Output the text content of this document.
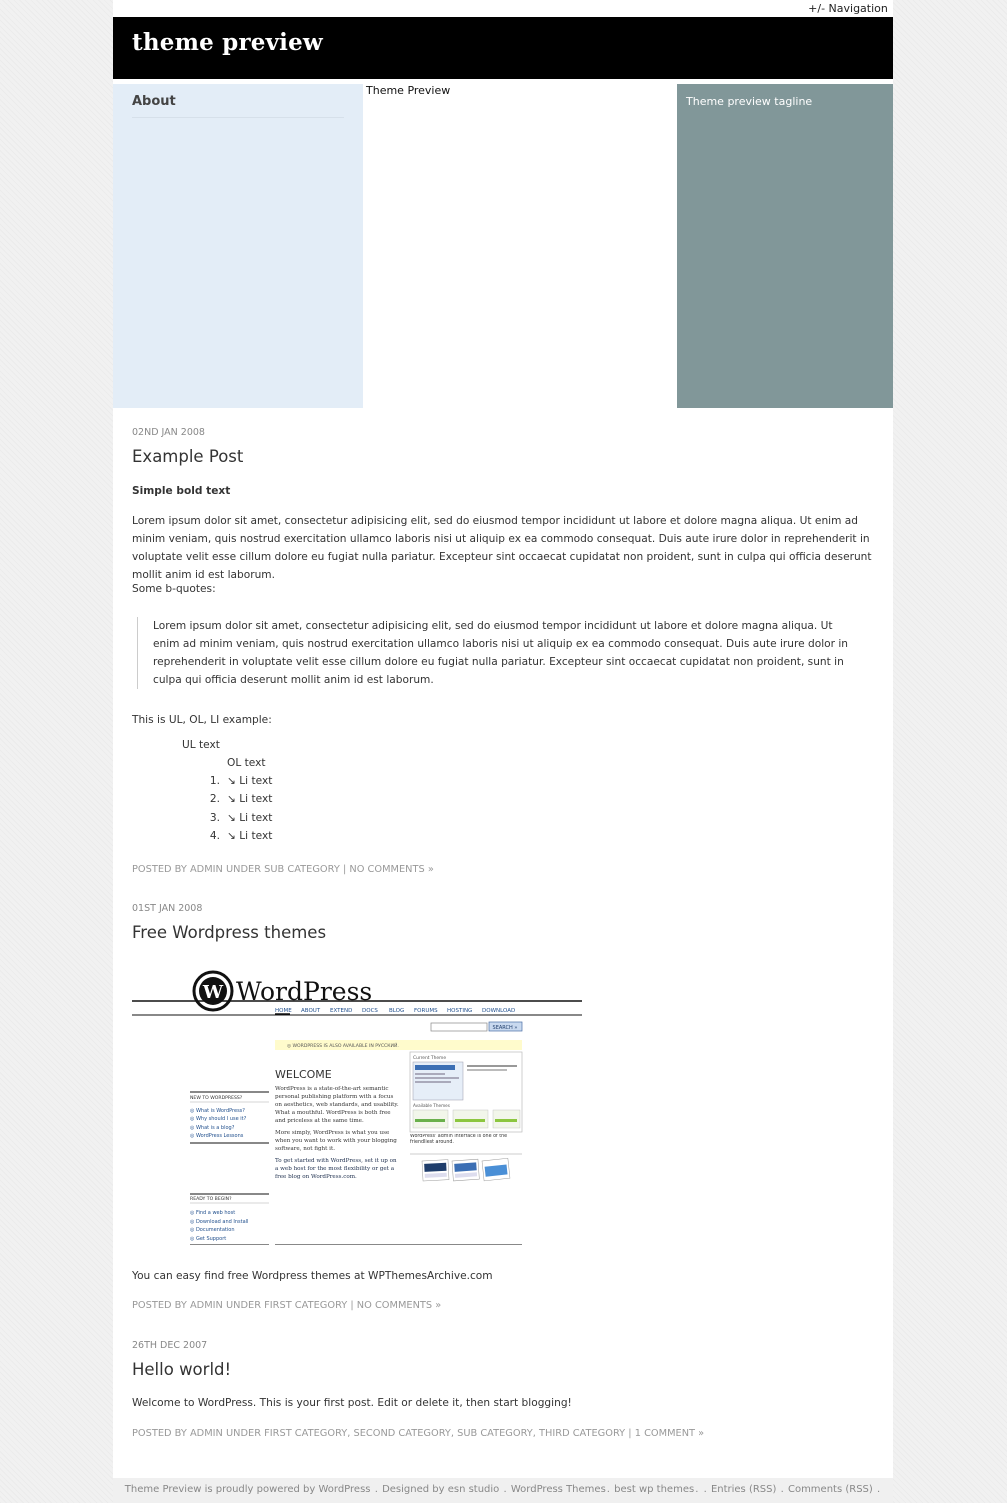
theme preview
+/- Navigation
About
Theme Preview
Theme preview tagline
02ND JAN 2008
Example Post
Simple bold text

Lorem ipsum dolor sit amet, consectetur adipisicing elit, sed do eiusmod tempor incididunt ut labore et dolore magna aliqua. Ut enim ad minim veniam, quis nostrud exercitation ullamco laboris nisi ut aliquip ex ea commodo consequat. Duis aute irure dolor in reprehenderit in voluptate velit esse cillum dolore eu fugiat nulla pariatur. Excepteur sint occaecat cupidatat non proident, sunt in culpa qui officia deserunt mollit anim id est laborum.

Some b-quotes:

Lorem ipsum dolor sit amet, consectetur adipisicing elit, sed do eiusmod tempor incididunt ut labore et dolore magna aliqua. Ut enim ad minim veniam, quis nostrud exercitation ullamco laboris nisi ut aliquip ex ea commodo consequat. Duis aute irure dolor in reprehenderit in voluptate velit esse cillum dolore eu fugiat nulla pariatur. Excepteur sint occaecat cupidatat non proident, sunt in culpa qui officia deserunt mollit anim id est laborum.

This is UL, OL, LI example:
UL text
OL text
1. ↘ Li text
2. ↘ Li text
3. ↘ Li text
4. ↘ Li text
POSTED BY ADMIN UNDER SUB CATEGORY | NO COMMENTS »
01ST JAN 2008
Free Wordpress themes
W WordPress
HOME ABOUT EXTEND DOCS BLOG FORUMS HOSTING DOWNLOAD
SEARCH »
◎ WORDPRESS IS ALSO AVAILABLE IN РУССКИЙ.
WELCOME
NEW TO WORDPRESS?
◎ What is WordPress?
◎ Why should I use it?
◎ What is a blog?
◎ WordPress Lessons
READY TO BEGIN?
◎ Find a web host
◎ Download and Install
◎ Documentation
◎ Get Support
WordPress is a state-of-the-art semantic personal publishing platform with a focus on aesthetics, web standards, and usability. What a mouthful. WordPress is both free and priceless at the same time.
More simply, WordPress is what you use when you want to work with your blogging software, not fight it.
To get started with WordPress, set it up on a web host for the most flexibility or get a free blog on WordPress.com.
Current Theme
Available Themes
WordPress' admin interface is one of the friendliest around.
You can easy find free Wordpress themes at WPThemesArchive.com
POSTED BY ADMIN UNDER FIRST CATEGORY | NO COMMENTS »
26TH DEC 2007
Hello world!
Welcome to WordPress. This is your first post. Edit or delete it, then start blogging!
POSTED BY ADMIN UNDER FIRST CATEGORY, SECOND CATEGORY, SUB CATEGORY, THIRD CATEGORY | 1 COMMENT »
Theme Preview is proudly powered by WordPress . Designed by esn studio . WordPress Themes. best wp themes. . Entries (RSS) . Comments (RSS) .
